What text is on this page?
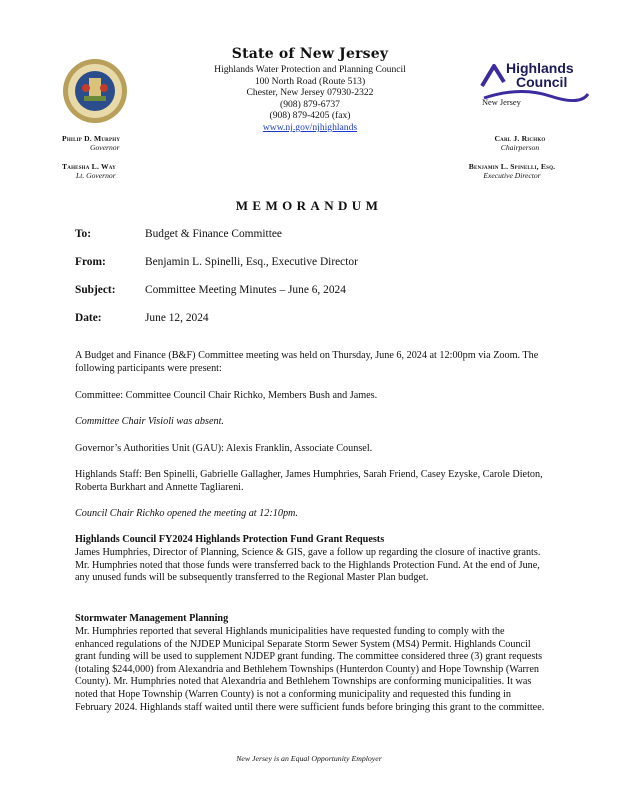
State of New Jersey
Highlands Water Protection and Planning Council
100 North Road (Route 513)
Chester, New Jersey 07930-2322
(908) 879-6737
(908) 879-4205 (fax)
www.nj.gov/njhighlands
Highlands
Council
New Jersey
Philip D. Murphy
Governor
Tahesha L. Way
Lt. Governor
Carl J. Richko
Chairperson
Benjamin L. Spinelli, Esq.
Executive Director
MEMORANDUM
To:	Budget & Finance Committee
From:	Benjamin L. Spinelli, Esq., Executive Director
Subject:	Committee Meeting Minutes – June 6, 2024
Date:	June 12, 2024
A Budget and Finance (B&F) Committee meeting was held on Thursday, June 6, 2024 at 12:00pm via Zoom. The following participants were present:
Committee: Committee Council Chair Richko, Members Bush and James.
Committee Chair Visioli was absent.
Governor’s Authorities Unit (GAU): Alexis Franklin, Associate Counsel.
Highlands Staff: Ben Spinelli, Gabrielle Gallagher, James Humphries, Sarah Friend, Casey Ezyske, Carole Dieton, Roberta Burkhart and Annette Tagliareni.
Council Chair Richko opened the meeting at 12:10pm.
Highlands Council FY2024 Highlands Protection Fund Grant Requests
James Humphries, Director of Planning, Science & GIS, gave a follow up regarding the closure of inactive grants. Mr. Humphries noted that those funds were transferred back to the Highlands Protection Fund. At the end of June, any unused funds will be subsequently transferred to the Regional Master Plan budget.
Stormwater Management Planning
Mr. Humphries reported that several Highlands municipalities have requested funding to comply with the enhanced regulations of the NJDEP Municipal Separate Storm Sewer System (MS4) Permit. Highlands Council grant funding will be used to supplement NJDEP grant funding. The committee considered three (3) grant requests (totaling $244,000) from Alexandria and Bethlehem Townships (Hunterdon County) and Hope Township (Warren County). Mr. Humphries noted that Alexandria and Bethlehem Townships are conforming municipalities. It was noted that Hope Township (Warren County) is not a conforming municipality and requested this funding in February 2024. Highlands staff waited until there were sufficient funds before bringing this grant to the committee.
New Jersey is an Equal Opportunity Employer
